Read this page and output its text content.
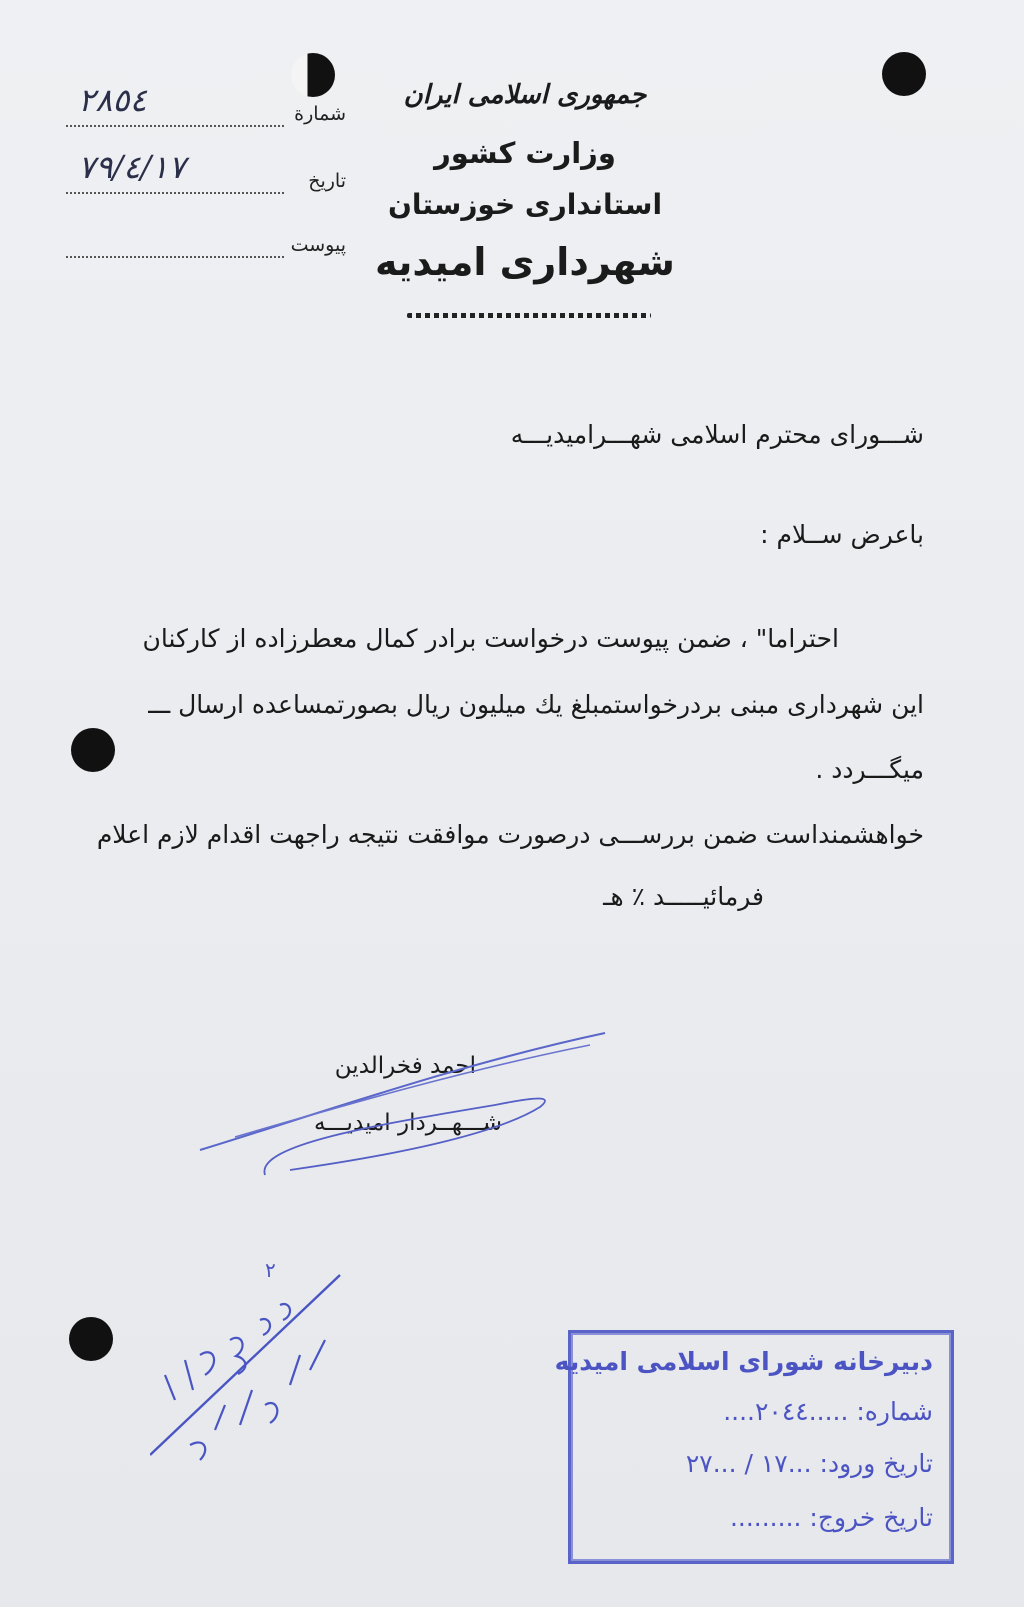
شمارة
٢٨٥٤
تاريخ
٧٩/٤/١٧
پيوست
جمهوری اسلامی ایران
وزارت كشور
استانداری خوزستان
شهرداری امیدیه
شـــورای محترم اسلامی شهـــرامیدیـــه
باعرض ســلام :
احتراما" ، ضمن پیوست درخواست برادر کمال معطرزاده از کارکنان
این شهرداری مبنی بردرخواستمبلغ یك میلیون ریال بصورتمساعده ارسال ـــ
میگـــردد .
خواهشمنداست ضمن بررســـی درصورت موافقت نتیجه راجهت اقدام لازم اعلام
فرمائیـــــد ٪ هـ
احمد فخرالدین
شـــهــردار امیدیـــه
٢
دبیرخانه شورای اسلامی امیدیه
شماره: .....٢٠٤٤....
تاریخ ورود: ...١٧ / ...٢٧
تاریخ خروج: .........
